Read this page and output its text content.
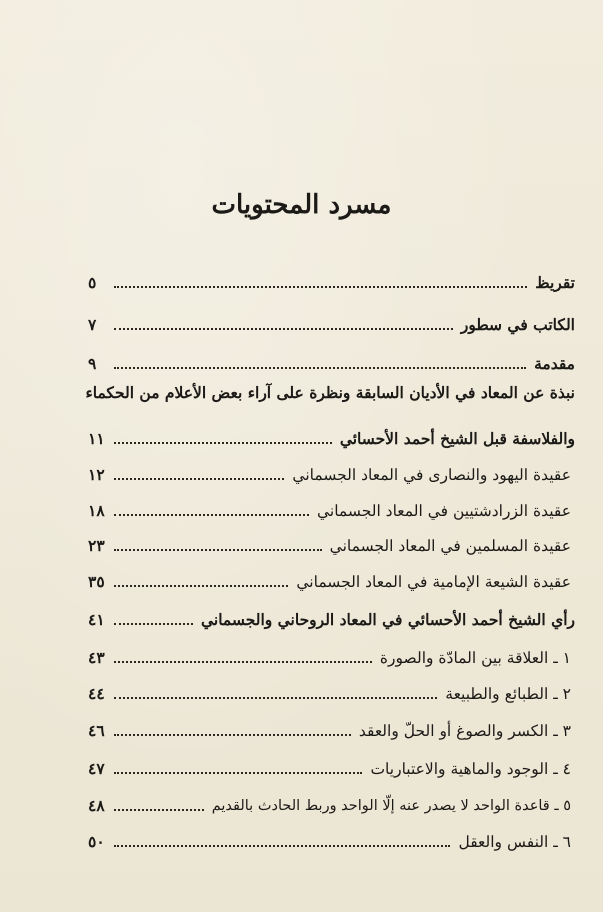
مسرد المحتويات
تقريظ
٥
الكاتب في سطور
٧
مقدمة
٩
نبذة عن المعاد في الأديان السابقة ونظرة على آراء بعض الأعلام من الحكماء
والفلاسفة قبل الشيخ أحمد الأحسائي
١١
عقيدة اليهود والنصارى في المعاد الجسماني
١٢
عقيدة الزرادشتيين في المعاد الجسماني
١٨
عقيدة المسلمين في المعاد الجسماني
٢٣
عقيدة الشيعة الإمامية في المعاد الجسماني
٣٥
رأي الشيخ أحمد الأحسائي في المعاد الروحاني والجسماني
٤١
١ ـ العلاقة بين المادّة والصورة
٤٣
٢ ـ الطبائع والطبيعة
٤٤
٣ ـ الكسر والصوغ أو الحلّ والعقد
٤٦
٤ ـ الوجود والماهية والاعتباريات
٤٧
٥ ـ قاعدة الواحد لا يصدر عنه إلّا الواحد وربط الحادث بالقديم
٤٨
٦ ـ النفس والعقل
٥٠
